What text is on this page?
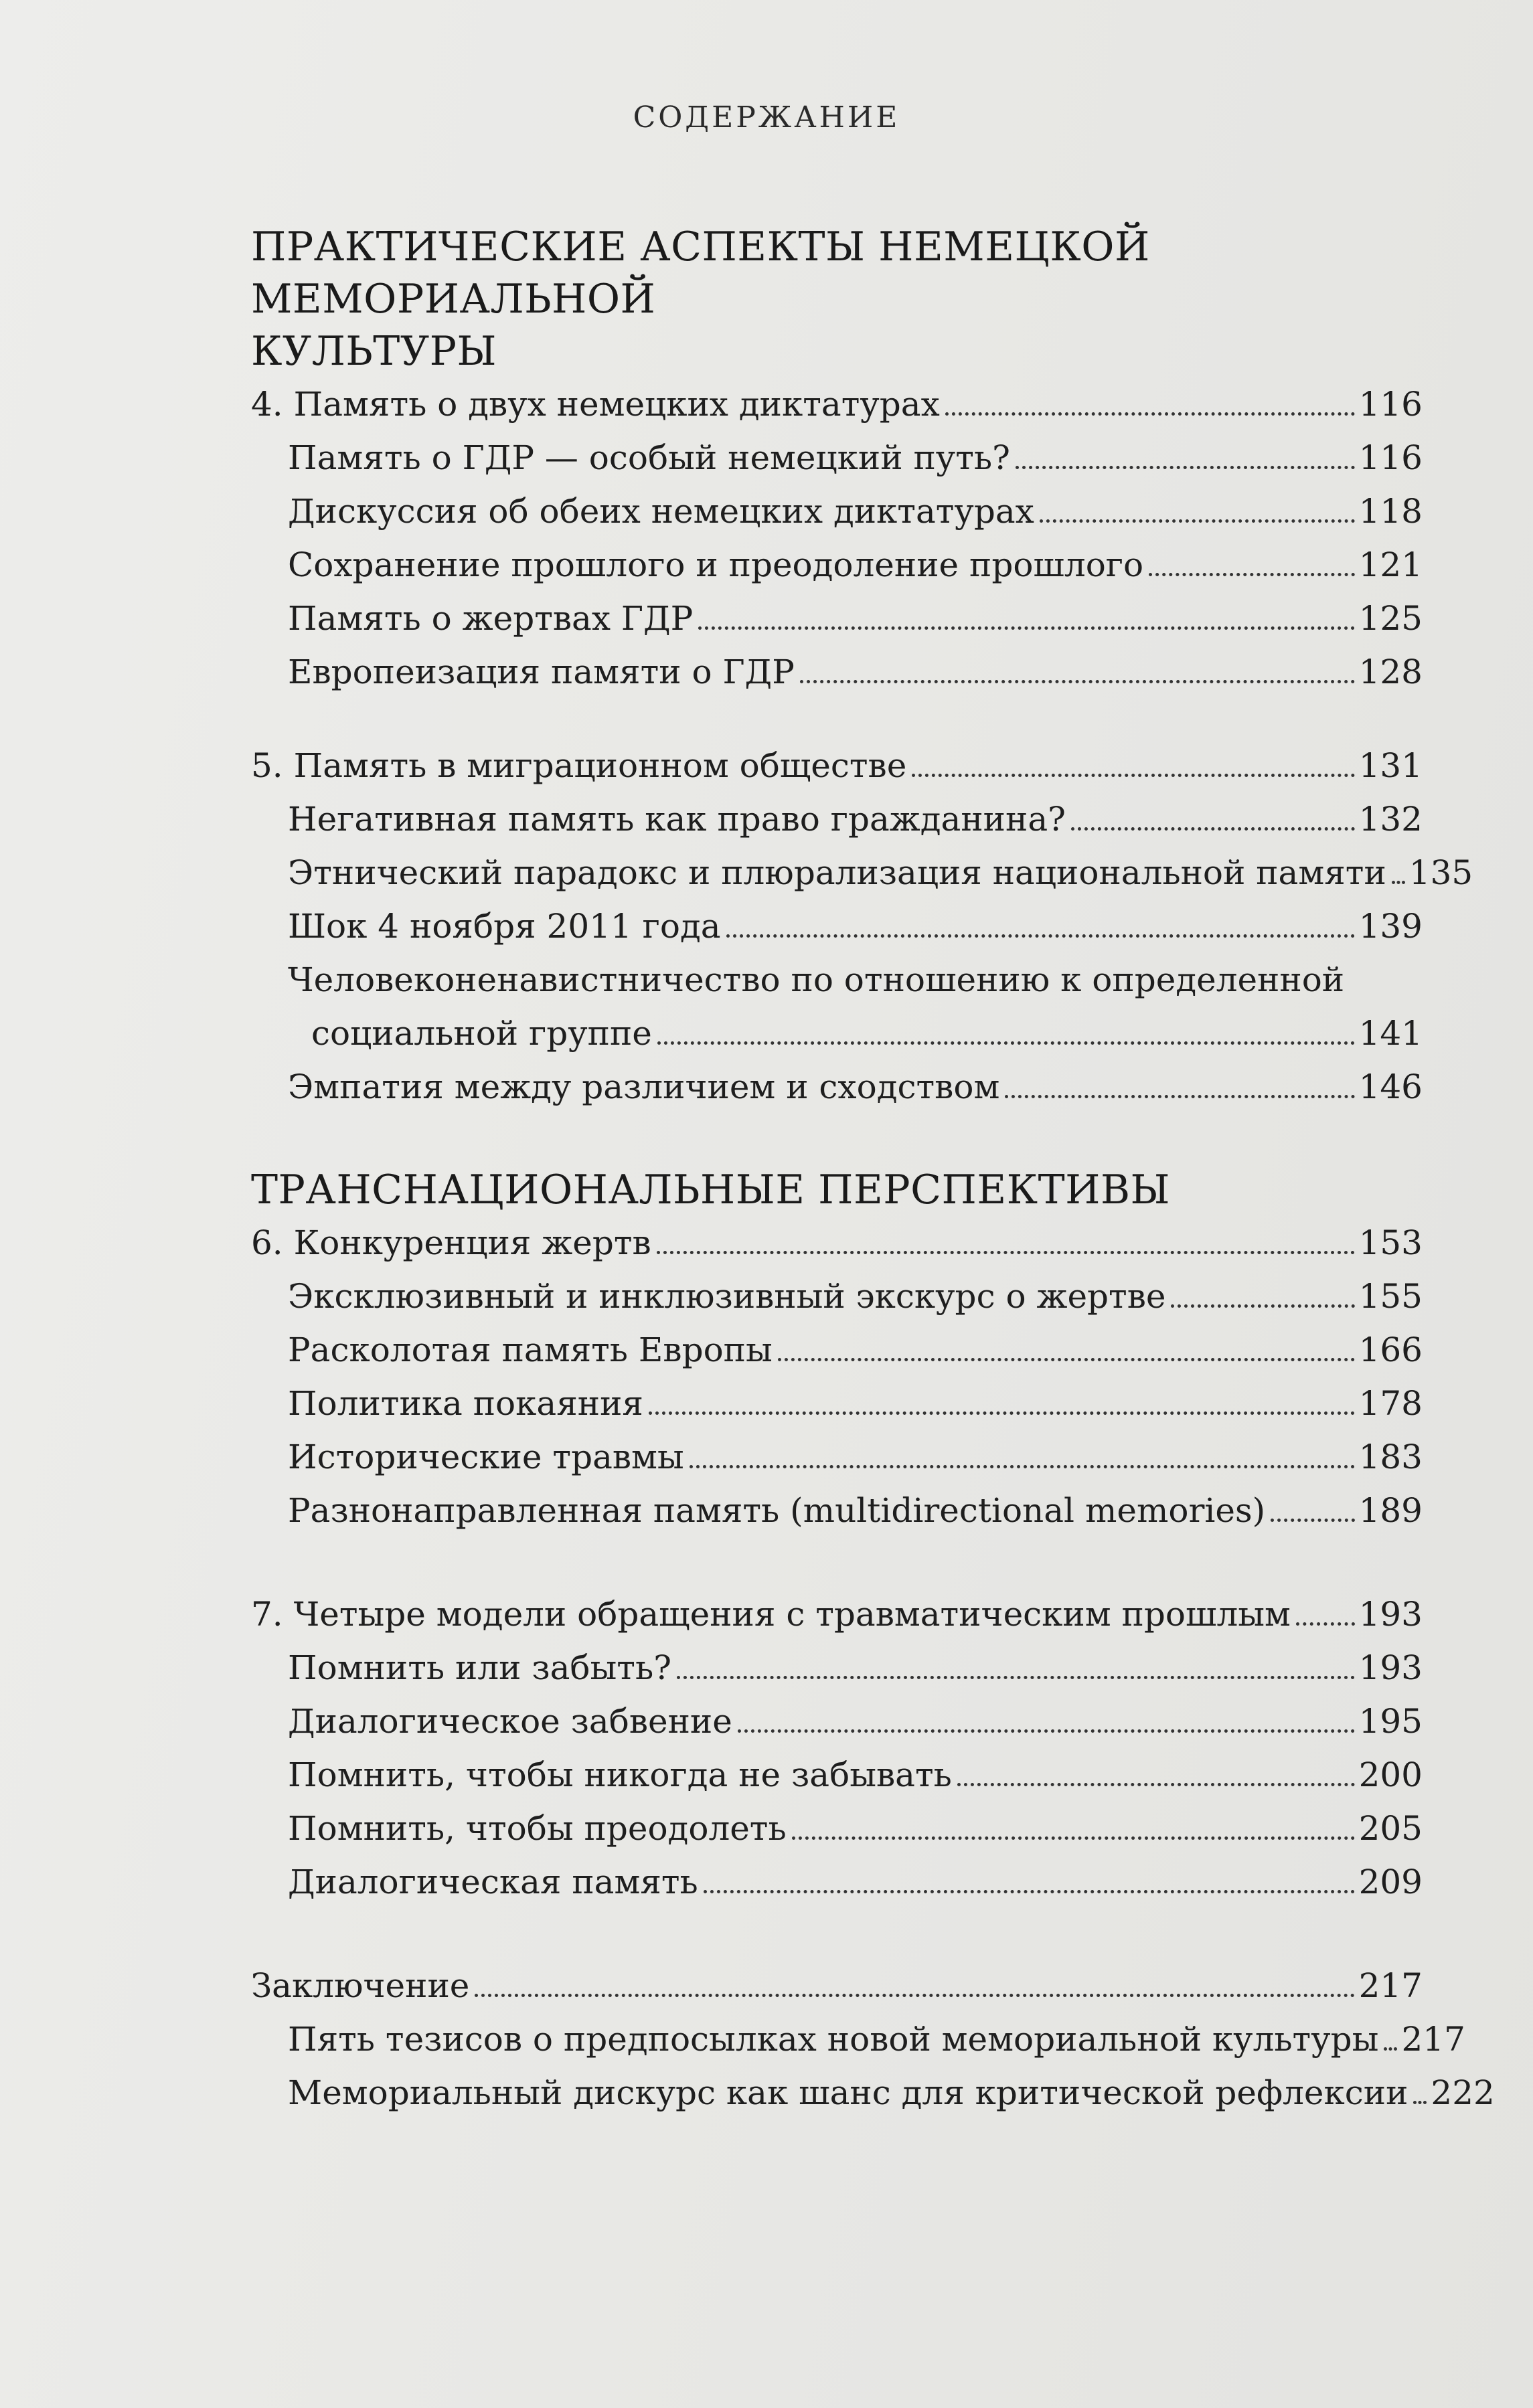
СОДЕРЖАНИЕ
ПРАКТИЧЕСКИЕ АСПЕКТЫ НЕМЕЦКОЙ МЕМОРИАЛЬНОЙ
КУЛЬТУРЫ
4. Память о двух немецких диктатурах	116
Память о ГДР — особый немецкий путь?	116
Дискуссия об обеих немецких диктатурах	118
Сохранение прошлого и преодоление прошлого	121
Память о жертвах ГДР	125
Европеизация памяти о ГДР	128
5. Память в миграционном обществе	131
Негативная память как право гражданина?	132
Этнический парадокс и плюрализация национальной памяти 135
Шок 4 ноября 2011 года	139
Человеконенавистничество по отношению к определенной
социальной группе	141
Эмпатия между различием и сходством	146
ТРАНСНАЦИОНАЛЬНЫЕ ПЕРСПЕКТИВЫ
6. Конкуренция жертв	153
Эксклюзивный и инклюзивный экскурс о жертве	155
Расколотая память Европы	166
Политика покаяния	178
Исторические травмы	183
Разнонаправленная память (multidirectional memories)	189
7. Четыре модели обращения с травматическим прошлым 193
Помнить или забыть?	193
Диалогическое забвение	195
Помнить, чтобы никогда не забывать	200
Помнить, чтобы преодолеть	205
Диалогическая память	209
Заключение	217
Пять тезисов о предпосылках новой мемориальной культуры 217
Мемориальный дискурс как шанс для критической рефлексии 222
